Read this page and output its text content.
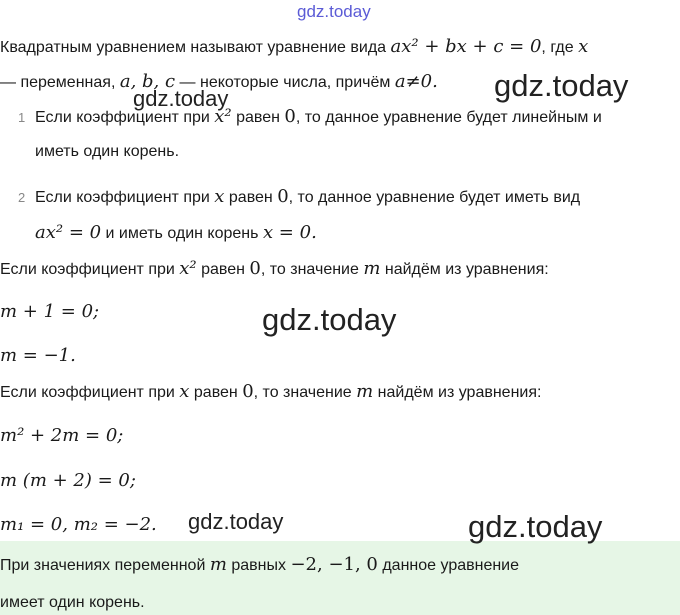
gdz.today
gdz.today
gdz.today
gdz.today
gdz.today	gdz.today
Квадратным уравнением называют уравнение вида ax² + bx + c = 0, где x
— переменная, a, b, c — некоторые числа, причём a≠0.
1 Если коэффициент при x² равен 0, то данное уравнение будет линейным и
иметь один корень.
2 Если коэффициент при x равен 0, то данное уравнение будет иметь вид
ax² = 0 и иметь один корень x = 0.
Если коэффициент при x² равен 0, то значение m найдём из уравнения:
m + 1 = 0;
m = −1.
Если коэффициент при x равен 0, то значение m найдём из уравнения:
m² + 2m = 0;
m (m + 2) = 0;
m₁ = 0, m₂ = −2.
При значениях переменной m равных −2, −1, 0 данное уравнение
имеет один корень.
